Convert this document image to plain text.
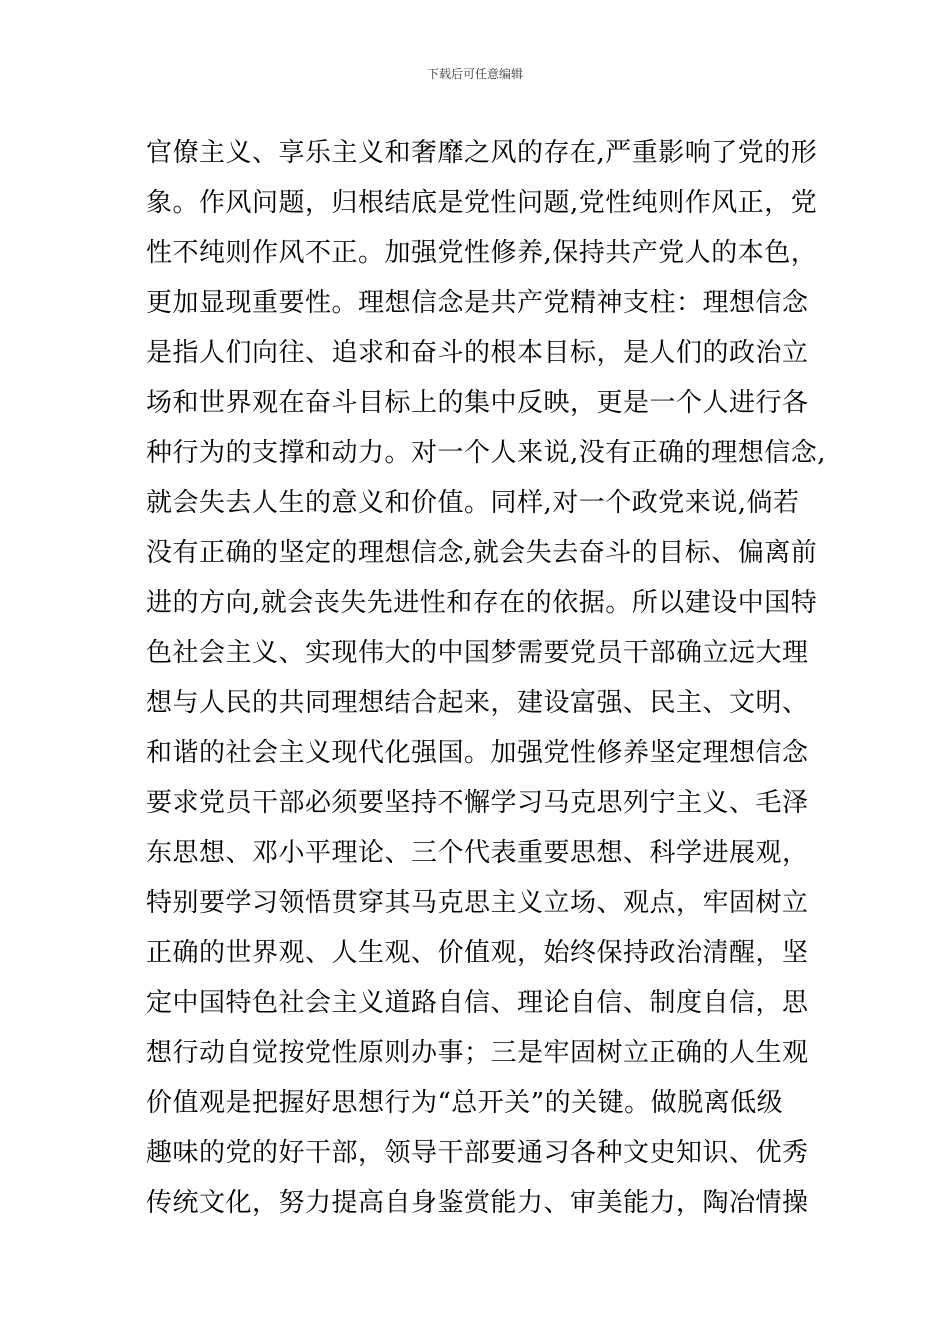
下载后可任意编辑
官僚主义、享乐主义和奢靡之风的存在,严重影响了党的形
象。作风问题，归根结底是党性问题,党性纯则作风正，党
性不纯则作风不正。加强党性修养,保持共产党人的本色，
更加显现重要性。理想信念是共产党精神支柱：理想信念
是指人们向往、追求和奋斗的根本目标，是人们的政治立
场和世界观在奋斗目标上的集中反映，更是一个人进行各
种行为的支撑和动力。对一个人来说,没有正确的理想信念,
就会失去人生的意义和价值。同样,对一个政党来说,倘若
没有正确的坚定的理想信念,就会失去奋斗的目标、偏离前
进的方向,就会丧失先进性和存在的依据。所以建设中国特
色社会主义、实现伟大的中国梦需要党员干部确立远大理
想与人民的共同理想结合起来，建设富强、民主、文明、
和谐的社会主义现代化强国。加强党性修养坚定理想信念
要求党员干部必须要坚持不懈学习马克思列宁主义、毛泽
东思想、邓小平理论、三个代表重要思想、科学进展观，
特别要学习领悟贯穿其马克思主义立场、观点，牢固树立
正确的世界观、人生观、价值观，始终保持政治清醒，坚
定中国特色社会主义道路自信、理论自信、制度自信，思
想行动自觉按党性原则办事；三是牢固树立正确的人生观
价值观是把握好思想行为“总开关”的关键。做脱离低级
趣味的党的好干部，领导干部要通习各种文史知识、优秀
传统文化，努力提高自身鉴赏能力、审美能力，陶冶情操
